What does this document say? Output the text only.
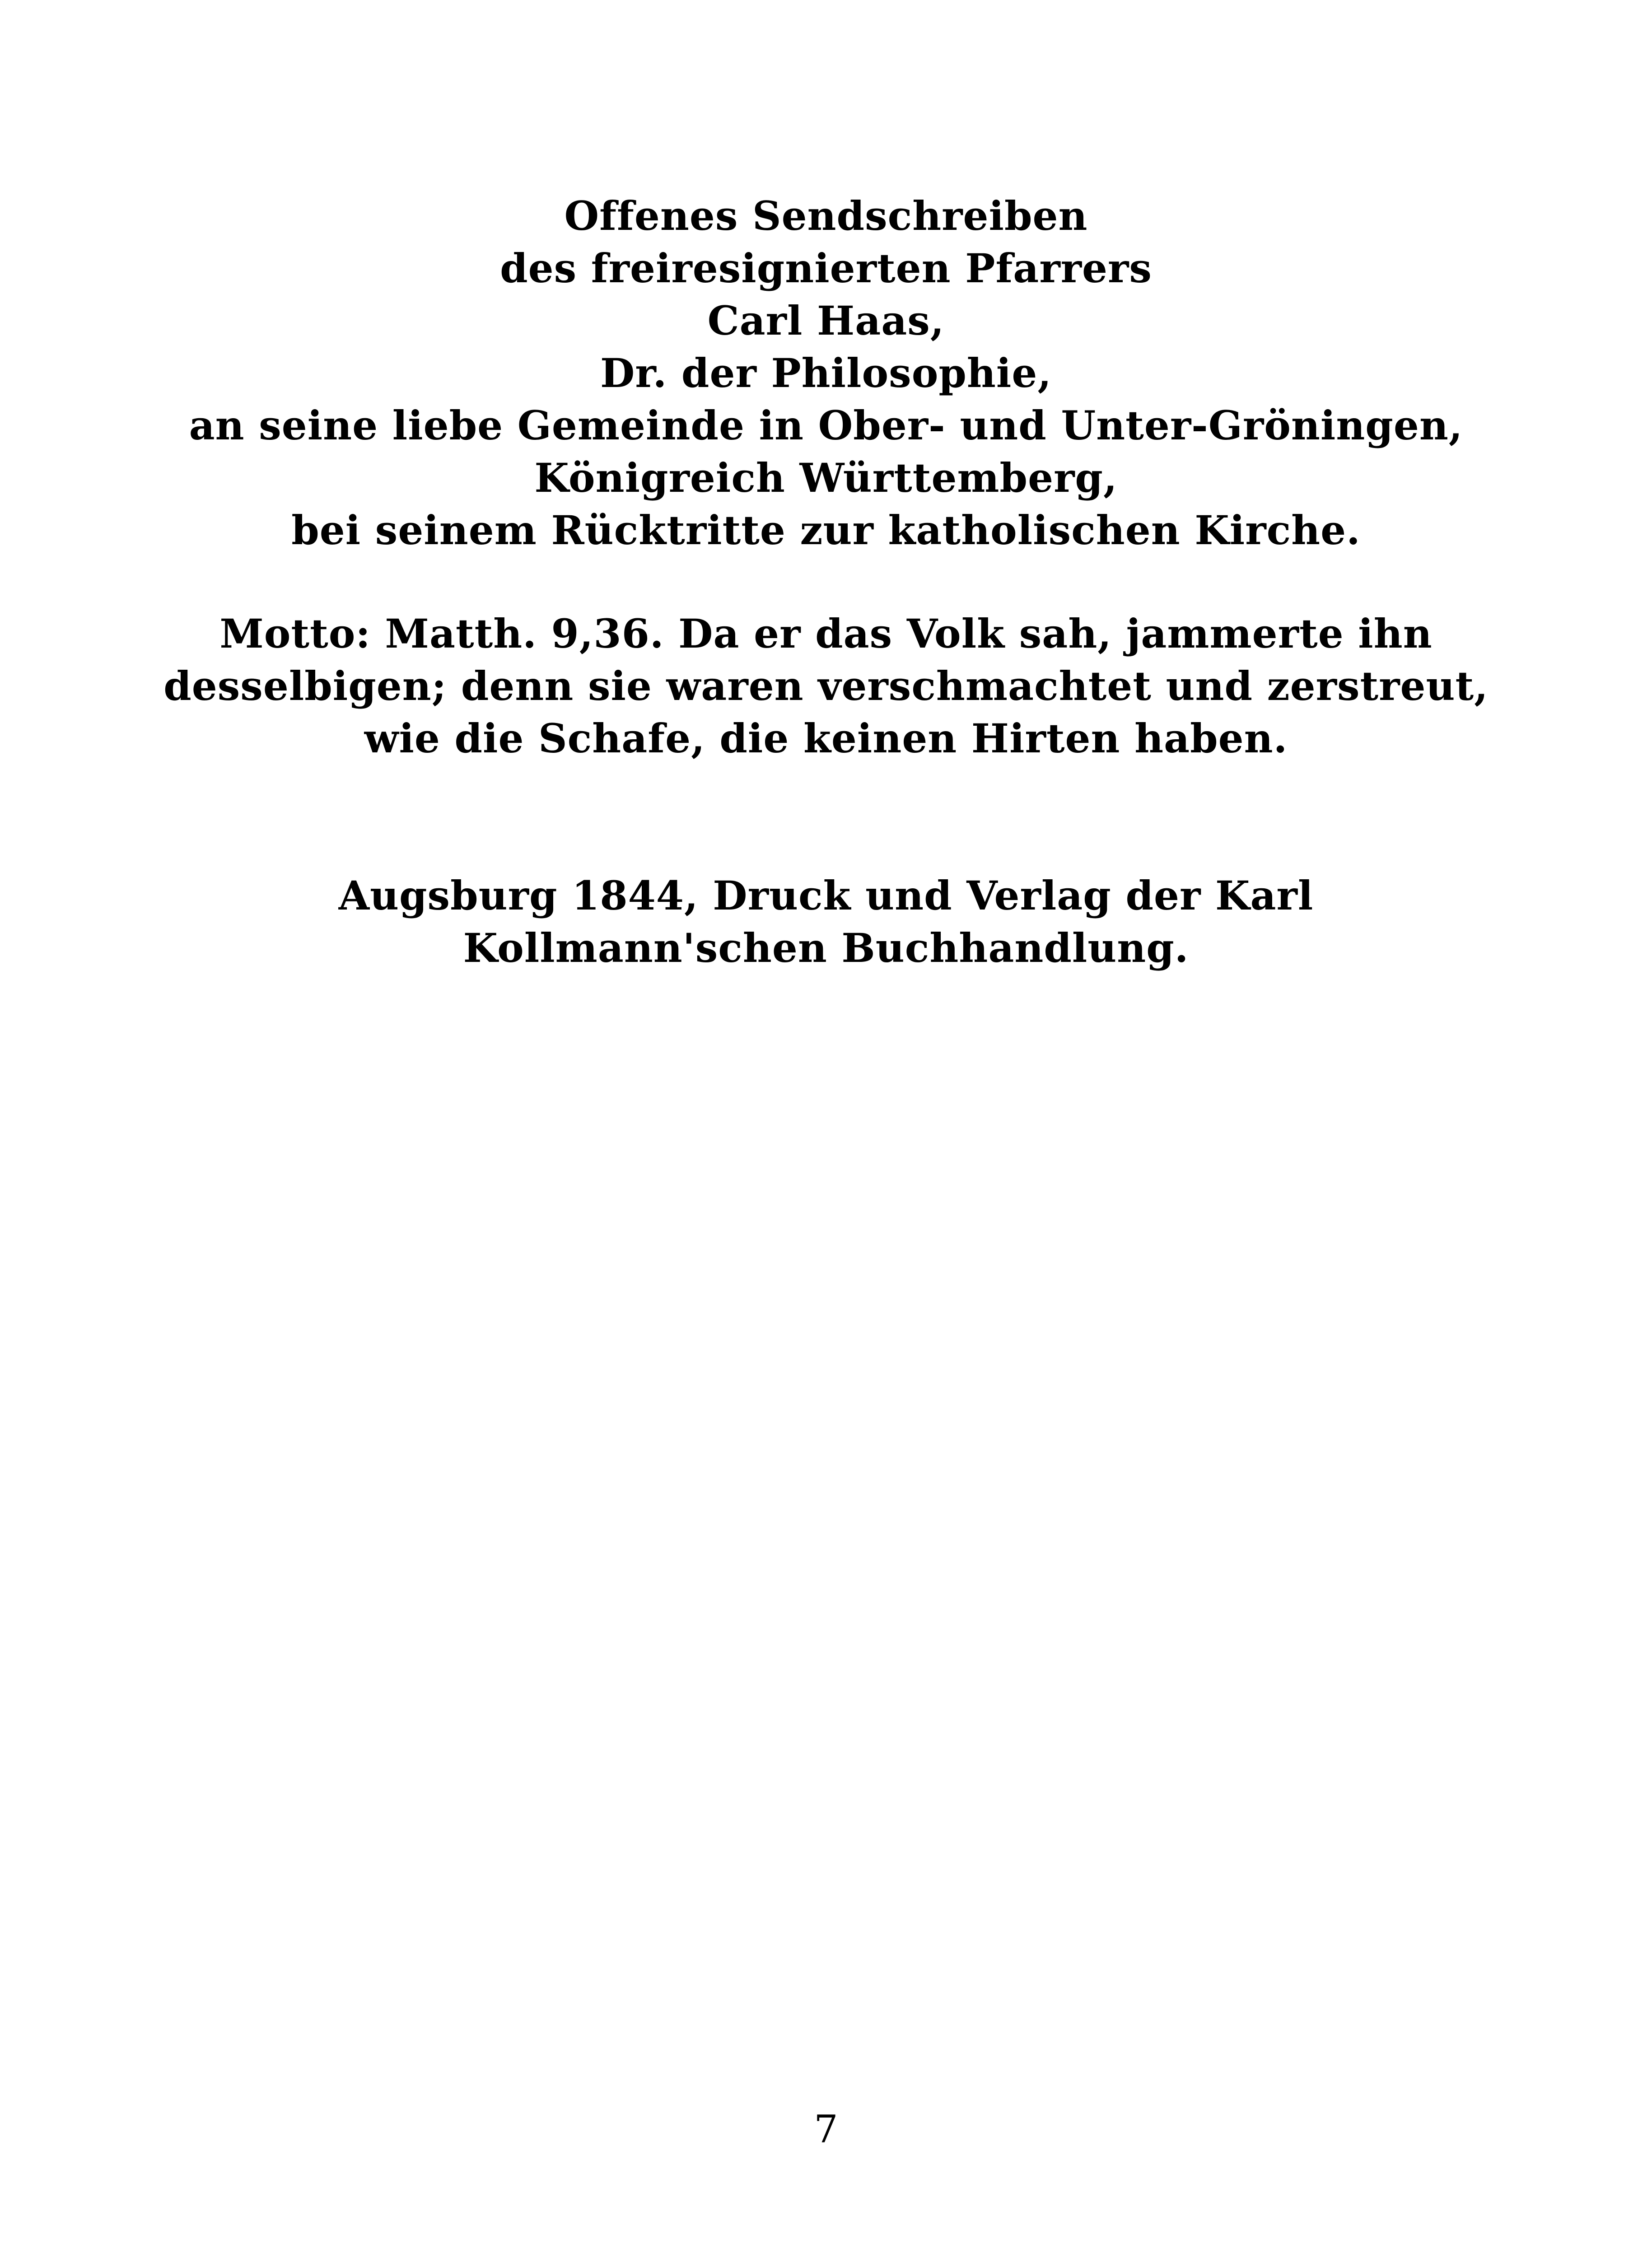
Offenes Sendschreiben
des freiresignierten Pfarrers
Carl Haas,
Dr. der Philosophie,
an seine liebe Gemeinde in Ober- und Unter-Gröningen,
Königreich Württemberg,
bei seinem Rücktritte zur katholischen Kirche.
Motto: Matth. 9,36. Da er das Volk sah, jammerte ihn
desselbigen; denn sie waren verschmachtet und zerstreut,
wie die Schafe, die keinen Hirten haben.
Augsburg 1844, Druck und Verlag der Karl
Kollmann'schen Buchhandlung.
7
